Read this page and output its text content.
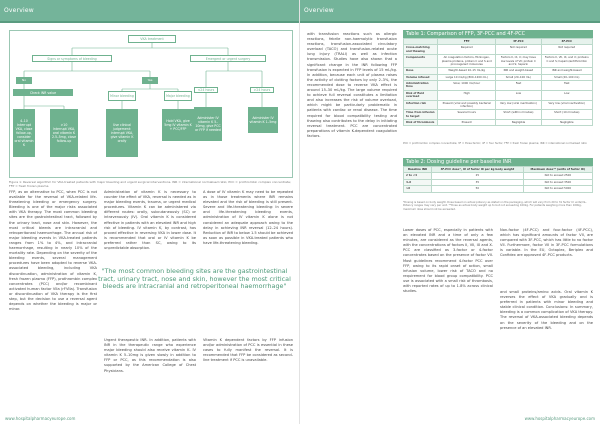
Overview
VKA treatment
Signs or symptoms of bleeding	Emergent or urgent surgery
No	Yes
Check INR value
4–10
Interrupt VKA, close follow-up, consider oral vitamin K
>10
Interrupt VKA, oral vitamin K 2.5–5mg, close follow-up
Minor bleeding	Major bleeding
Use clinical judgement: interrupt VKA, give vitamin K orally
Hold VKA, give 5mg IV vitamin K + PCC/FFP
<24 hours	>24 hours
Administer IV vitamin K 5–10mg, give PCC or FFP if needed
Administer IV vitamin K 1–5mg
Figure 1: Reversal algorithm for VKA-treated patients with major bleeding and urgent surgical interventions. INR = international normalised ratio; PCC = prothrombin complex concentrate; FFP = fresh frozen plasma
FFP, as an alternative to PCC, when PCC is not available for the reversal of VKA-related life-threatening bleeding or emergency surgery. Bleeding is one of the major risks associated with VKA therapy. The most common bleeding sites are the gastrointestinal tract, followed by the urinary tract, nose and skin. However, the most critical bleeds are intracranial and retroperitoneal haemorrhage. The annual risk of major bleeding events in VKA-treated patients ranges from 1% to 4%, and intracranial haemorrhage, resulting in nearly 10% of the mortality rate. Depending on the severity of the bleeding events, several management procedures have been adopted to reverse VKA-associated bleeding, including VKA discontinuation, administration of vitamin K, fresh frozen plasma (FFP), prothrombin complex concentrates (PCC) and/or recombinant activated human factor VIIa (rFVIIa). Transfusion or discontinuation of VKA therapy is the first step, but the decision to use a reversal agent depends on whether the bleeding is major or minor.
Administration of vitamin K is necessary to counter the effect of VKA, reversal is needed as in major bleeding events, trauma, or urgent medical procedures. Vitamin K can be administered via different routes: orally, subcutaneously (SC) or intravenously (IV). Oral vitamin K is considered effective in patients with an elevated INR and high risk of bleeding. IV vitamin K, by contrast, has proved effective in reversing VKA in lower dose. It is recommended that oral or IV vitamin K be preferred rather than SC, owing to its unpredictable absorption.
A dose of IV vitamin K may need to be repeated as in those treatments where INR remains elevated and the risk of bleeding is still present. Severe and life-threatening bleeding: In severe and life-threatening bleeding events, administration of IV vitamin K alone is not considered an adequate approach owing to the delay in achieving INR reversal (12–24 hours). Reduction of INR to below 1.5 should be achieved as soon as possible in VKA-treated patients who have life-threatening bleeding.
"The most common bleeding sites are the gastrointestinal tract, urinary tract, nose and skin, however the most critical bleeds are intracranial and retroperitoneal haemorrhage"
Urgent therapeutic INR. In addition, patients with INR in the therapeutic range who experience major bleeding should also receive vitamin K. IV vitamin K 5–10mg is given slowly in addition to FFP or PCC, as this recommendation is also supported by the American College of Chest Physicians.
Vitamin K dependent factors by FFP infusion and/or administration of PCC is essential in these cases to fully manifest the reversal. It is recommended that FFP be considered as second-line treatment if PCC is unavailable.
www.hospitalpharmacyeurope.com
Overview
with transfusion reactions such as allergic reactions, febrile non-haemolytic transfusion reactions, transfusion-associated circulatory overload (TACO) and transfusion-related acute lung injury (TRALI) as well as infection transmission. Studies have also shown that a significant change in the INR following FFP transfusion is expected in FFP levels of 15 mL/kg. In addition, because each unit of plasma raises the activity of clotting factors by only 2–3%, the recommended dose to reverse VKA effect is around 15–30 mL/kg. The large volume required to achieve full reversal constitutes a limitation and also increases the risk of volume overload, which might be particularly problematic in patients with cardiac or renal disease. The time required for blood compatibility testing and thawing also contributes to the delay in initiating reversal treatment. PCC are concentrated preparations of vitamin K-dependent coagulation factors.
Table 1: Comparison of FFP, 3F-PCC and 4F-PCC
	FFP	3F-PCC	4F-PCC
Cross-matching and thawing	Required	Not required	Not required
Components	All coagulation factors, fibrinogen, plasma proteins, protein C and S and procoagulant molecules	Factors II, IX, X; may have low levels of VII; protein C and S; heparin	Factors II, VII, IX, and X; proteins C and S; heparin/antithrombin
Dose	Weight-based 10–15 mL/kg	INR and weight-based	INR and weight-based
Volume infused	Large 10 mL/kg (800–1200 mL)	Small (20–100 mL)	Small (20–100 mL)
Administration time	Slow; 1000 mL/hour	Fast	Fast
Risk of fluid overload	High	Low	Low
Infection risk	Present (viral and possibly bacterial infection)	Very low (viral inactivation)	Very low (viral inactivation)
Time from infusion to target	Several hours	Short (within minutes)	Short (10 minutes)
Risk of thrombosis	Present	Negligible	Negligible
PCC = prothrombin complex concentrate; 3F = three factor; 4F = four factor; FFP = fresh frozen plasma; INR = international normalised ratio
Table 2: Dosing guideline per baseline INR
Baseline INR	4F-PCC dose*, IU of factor IX per kg body weight	Maximum dose** (units of factor IX)
2 to <4	25	Not to exceed 2500
4–6	35	Not to exceed 3500
>6	50	Not to exceed 5000
*Dosing is based on body weight. Dose based on actual potency as stated on the packaging, which will vary from 20 to 31 factor IX units/mL. Potency ranges may vary per unit. **Dose as actual body weight up to but not exceeding 100kg. For patients weighing more than 100kg, maximum dose should not be exceeded.
Lower doses of PCC, especially in patients with an elevated INR and a time of only a few minutes, are considered as the reversal agents, with the concentrations of factors II, VII, IX and X. PCC are classified as 3-factor or 4-factor concentrates based on the presence of factor VII. Most guidelines recommend 4-factor PCC over FFP, owing to its rapid onset of action, small infusion volume, lower risk of TACO and no requirement for blood group compatibility. PCC use is associated with a small risk of thrombosis, with reported rates of up to 1.8% across clinical studies.
Non-factor (4F-PCC) and four-factor (4F-PCC), which has significant amounts of factor VII, are compared with 3F-PCC, which has little to no factor VII. Furthermore, factor VII in 3F-PCC formulations is variable. In the EU, Octaplex, Beriplex and Confidex are approved 4F-PCC products.
and small proteins/amino acids. Oral vitamin K reverses the effect of VKA gradually and is preferred in patients with minor bleeding and stable clinical condition. Conclusions: In summary, bleeding is a common complication of VKA therapy. The reversal of VKA-associated bleeding depends on the severity of the bleeding and on the presence of an elevated INR.
www.hospitalpharmacyeurope.com
